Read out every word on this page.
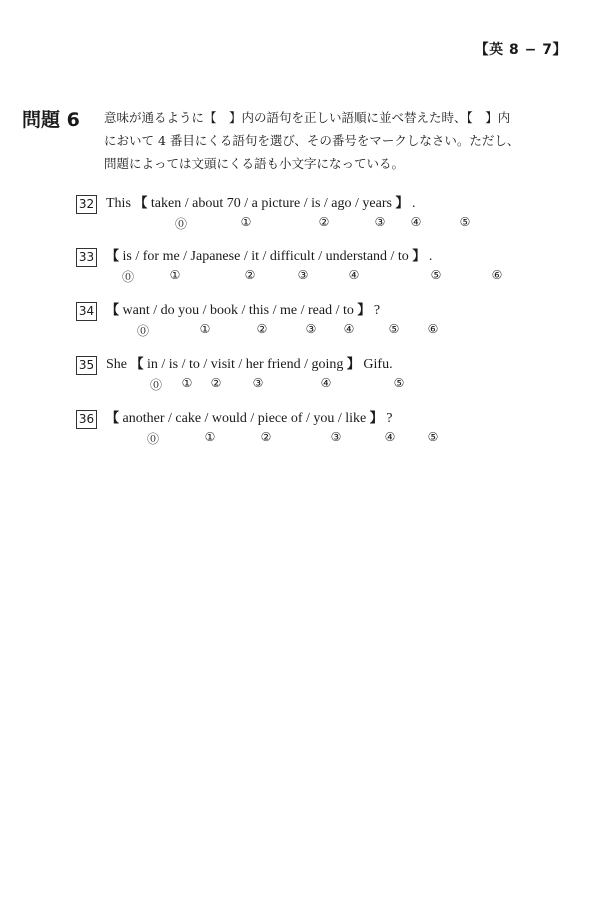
【英 8 − 7】
問題 6 意味が通るように【　】内の語句を正しい語順に並べ替えた時、【　】内

において 4 番目にくる語句を選び、その番号をマークしなさい。ただし、

問題によっては文頭にくる語も小文字になっている。

32 This 【 taken / about 70 / a picture / is / ago / years 】 .
⓪	①	②	③ ④	⑤
33 【 is / for me / Japanese / it / difficult / understand / to 】 .
⓪	①	②	③	④	⑤	⑥
34 【 want / do you / book / this / me / read / to 】 ?
⓪	①	②	③ ④	⑤ ⑥
35 She 【 in / is / to / visit / her friend / going 】 Gifu.
⓪ ① ②	③	④	⑤
36 【 another / cake / would / piece of / you / like 】 ?
⓪	①	②	③	④	⑤
